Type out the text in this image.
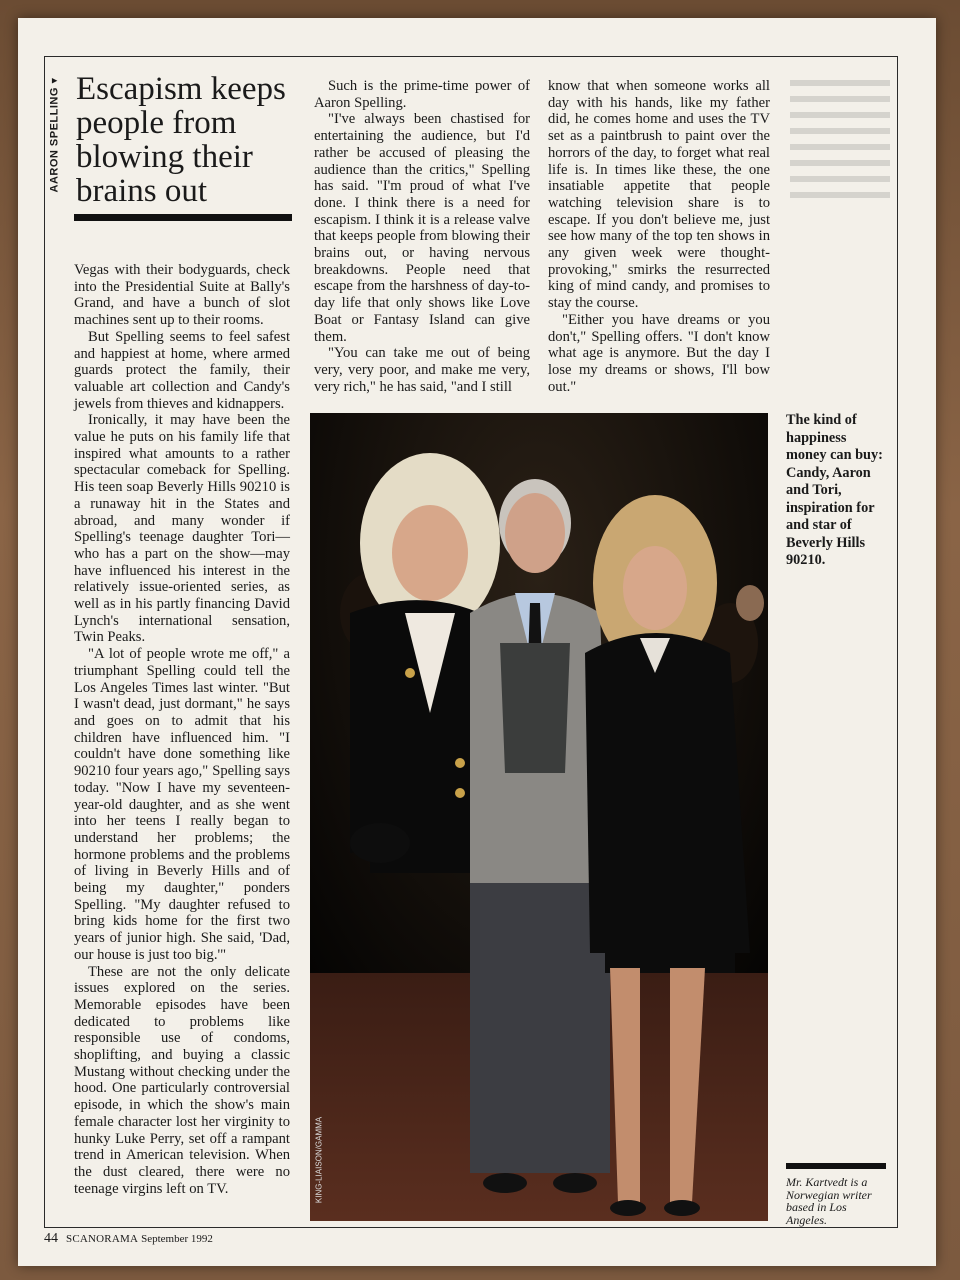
AARON SPELLING ▾ Escapism keeps people from blowing their brains out

Vegas with their bodyguards, check into the Presidential Suite at Bally's Grand, and have a bunch of slot machines sent up to their rooms.

But Spelling seems to feel safest and happiest at home, where armed guards protect the family, their valuable art collection and Candy's jewels from thieves and kidnappers.

Ironically, it may have been the value he puts on his family life that inspired what amounts to a rather spectacular comeback for Spelling. His teen soap Beverly Hills 90210 is a runaway hit in the States and abroad, and many wonder if Spelling's teenage daughter Tori—who has a part on the show—may have influenced his interest in the relatively issue-oriented series, as well as in his partly financing David Lynch's international sensation, Twin Peaks.

"A lot of people wrote me off," a triumphant Spelling could tell the Los Angeles Times last winter. "But I wasn't dead, just dormant," he says and goes on to admit that his children have influenced him. "I couldn't have done something like 90210 four years ago," Spelling says today. "Now I have my seventeen-year-old daughter, and as she went into her teens I really began to understand her problems; the hormone problems and the problems of living in Beverly Hills and of being my daughter," ponders Spelling. "My daughter refused to bring kids home for the first two years of junior high. She said, 'Dad, our house is just too big.'"

These are not the only delicate issues explored on the series. Memorable episodes have been dedicated to problems like responsible use of condoms, shoplifting, and buying a classic Mustang without checking under the hood. One particularly controversial episode, in which the show's main female character lost her virginity to hunky Luke Perry, set off a rampant trend in American television. When the dust cleared, there were no teenage virgins left on TV.

Such is the prime-time power of Aaron Spelling.

"I've always been chastised for entertaining the audience, but I'd rather be accused of pleasing the audience than the critics," Spelling has said. "I'm proud of what I've done. I think there is a need for escapism. I think it is a release valve that keeps people from blowing their brains out, or having nervous breakdowns. People need that escape from the harshness of day-to-day life that only shows like Love Boat or Fantasy Island can give them.

"You can take me out of being very, very poor, and make me very, very rich," he has said, "and I still

know that when someone works all day with his hands, like my father did, he comes home and uses the TV set as a paintbrush to paint over the horrors of the day, to forget what real life is. In times like these, the one insatiable appetite that people watching television share is to escape. If you don't believe me, just see how many of the top ten shows in any given week were thought-provoking," smirks the resurrected king of mind candy, and promises to stay the course.

"Either you have dreams or you don't," Spelling offers. "I don't know what age is anymore. But the day I lose my dreams or shows, I'll bow out."

KING-LIAISON/GAMMA
The kind of happiness money can buy: Candy, Aaron and Tori, inspiration for and star of Beverly Hills 90210.
Mr. Kartvedt is a Norwegian writer based in Los Angeles.
44 SCANORAMA September 1992
